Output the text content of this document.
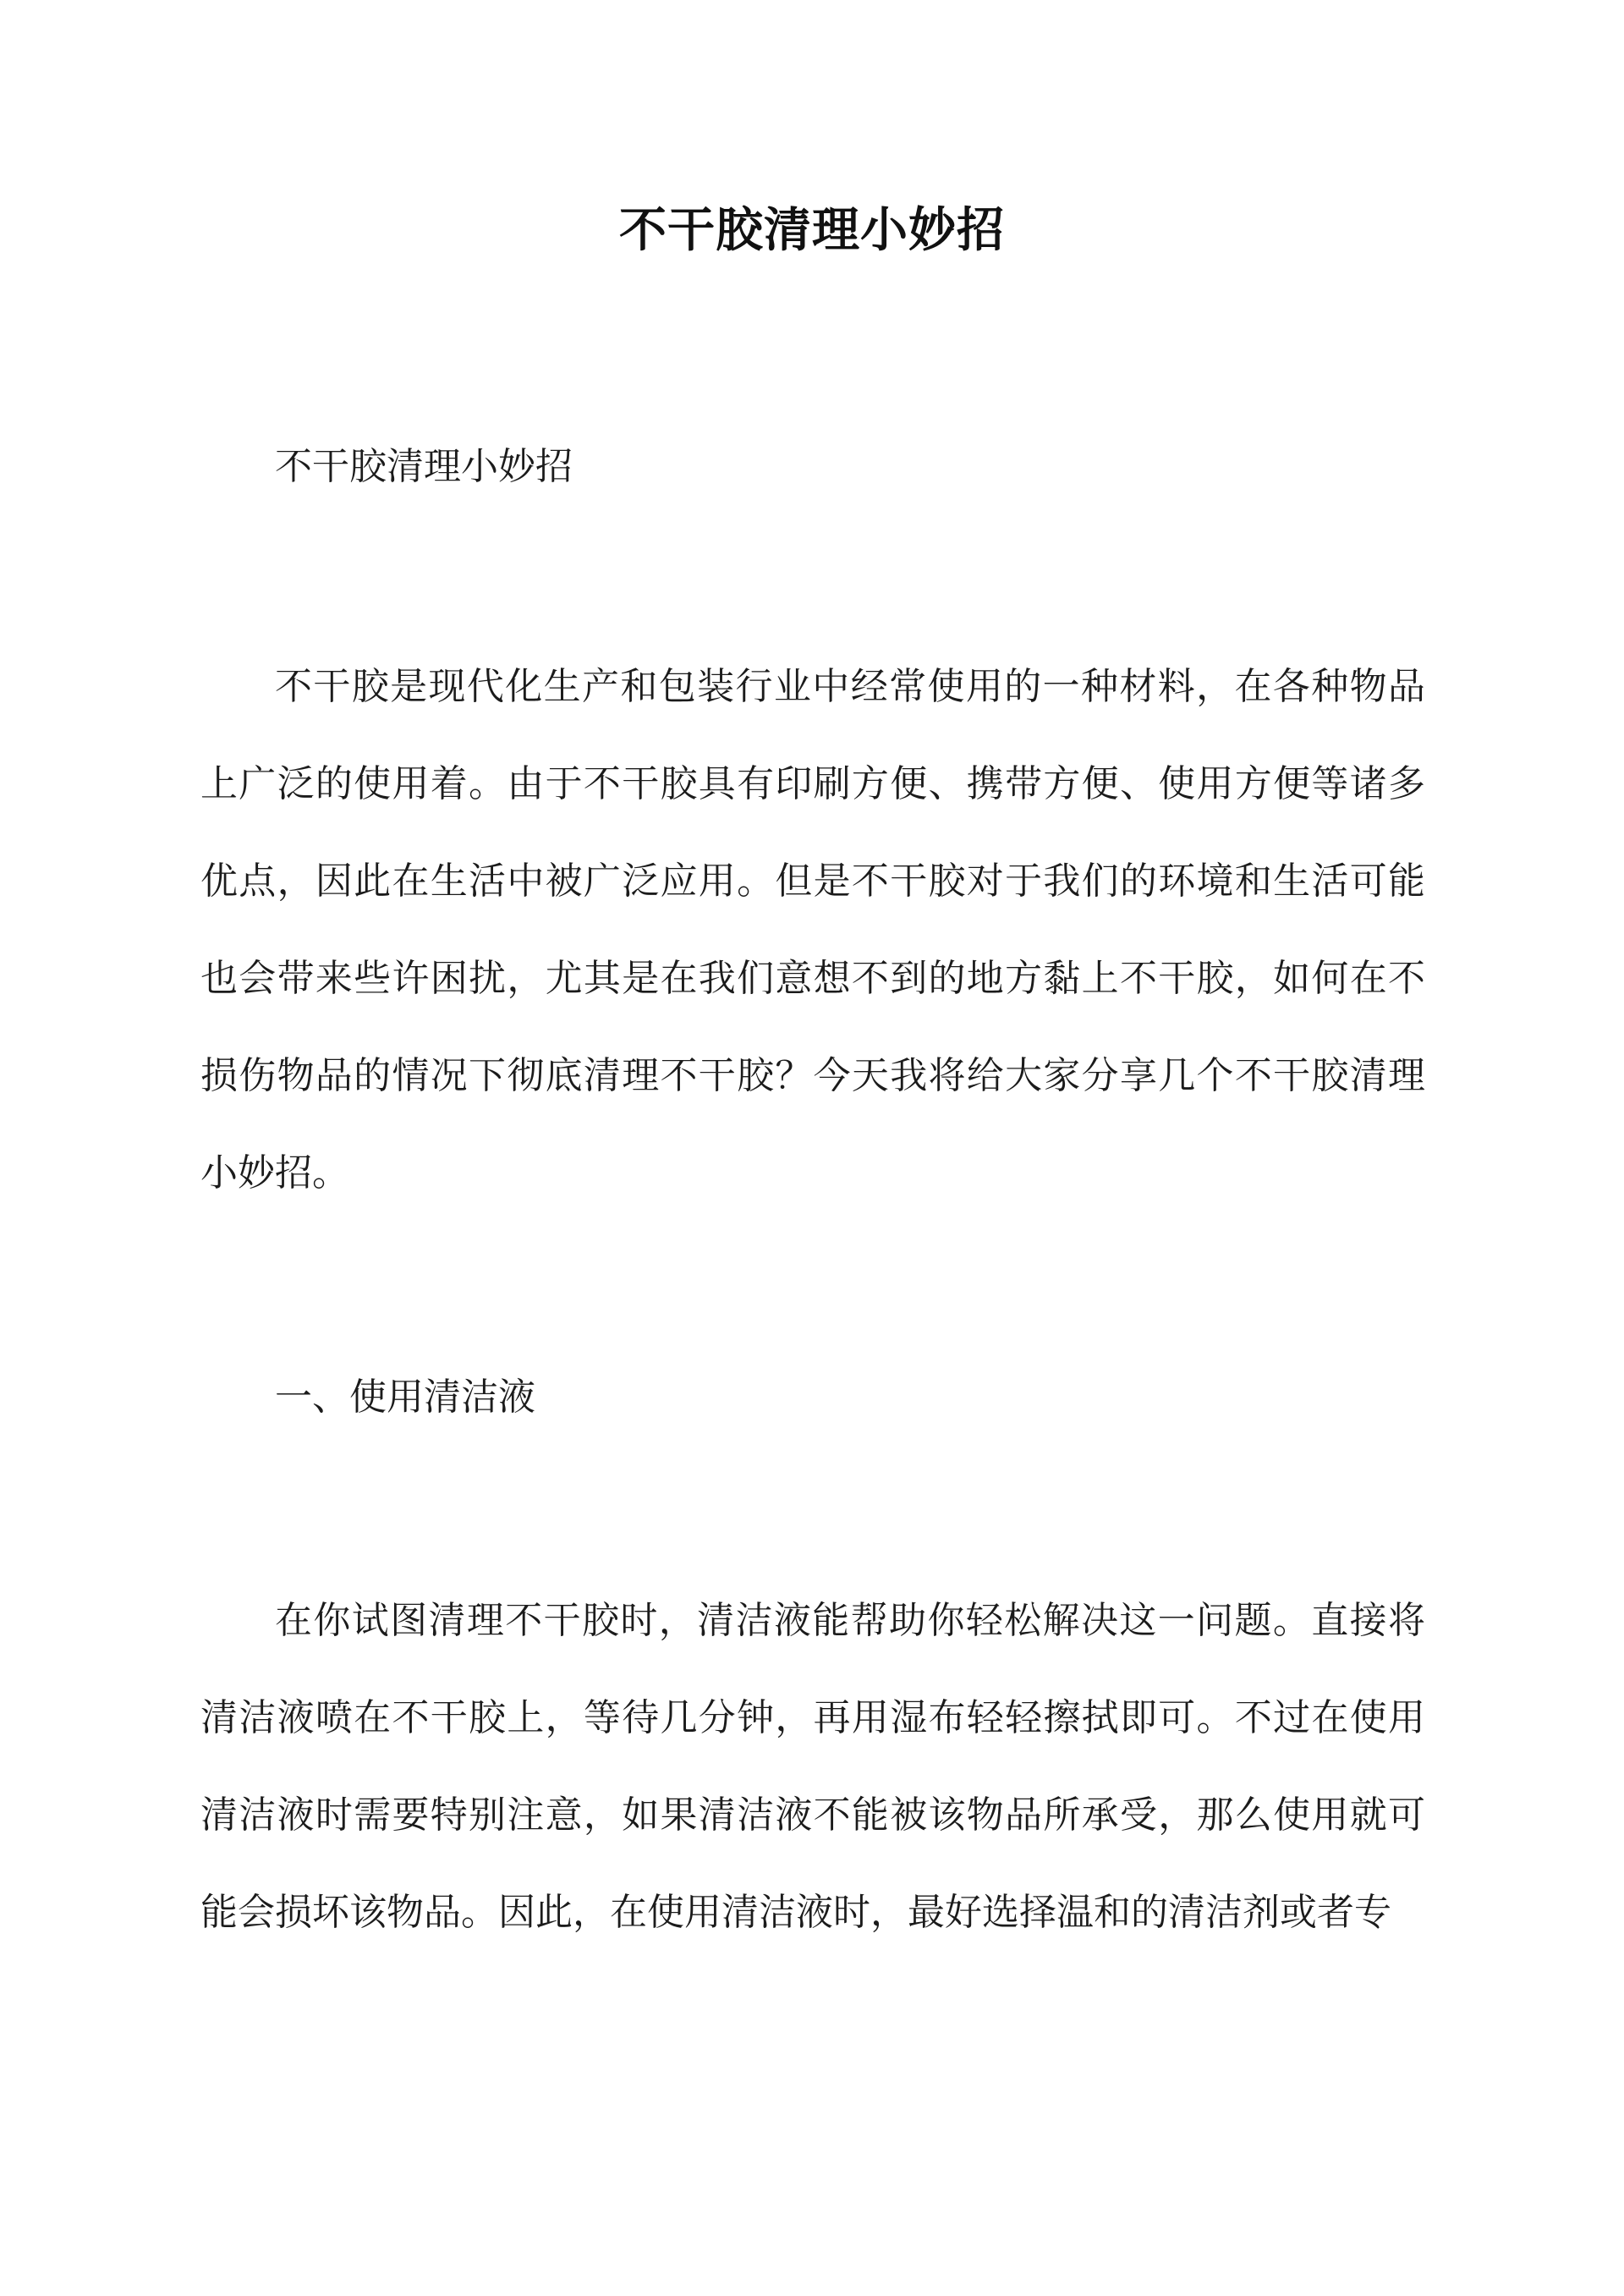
不干胶清理小妙招

不干胶清理小妙招

不干胶是现代化生产和包装行业中经常使用的一种材料，在各种物品上广泛的使用着。由于不干胶具有印刷方便、携带方便、使用方便等诸多优点，因此在生活中被广泛应用。但是不干胶对于我们的环境和生活可能也会带来些许困扰，尤其是在我们意想不到的地方黏上不干胶，如何在不损伤物品的情况下彻底清理不干胶？今天我将给大家分享几个不干胶清理小妙招。

一、使用清洁液

在你试图清理不干胶时，清洁液能帮助你轻松解决这一问题。直接将清洁液喷在不干胶上，等待几分钟，再用湿布轻轻擦拭即可。不过在使用清洁液时需要特别注意，如果清洁液不能被该物品所承受，那么使用就可能会损坏该物品。因此，在使用清洁液时，最好选择温和的清洁剂或者专
